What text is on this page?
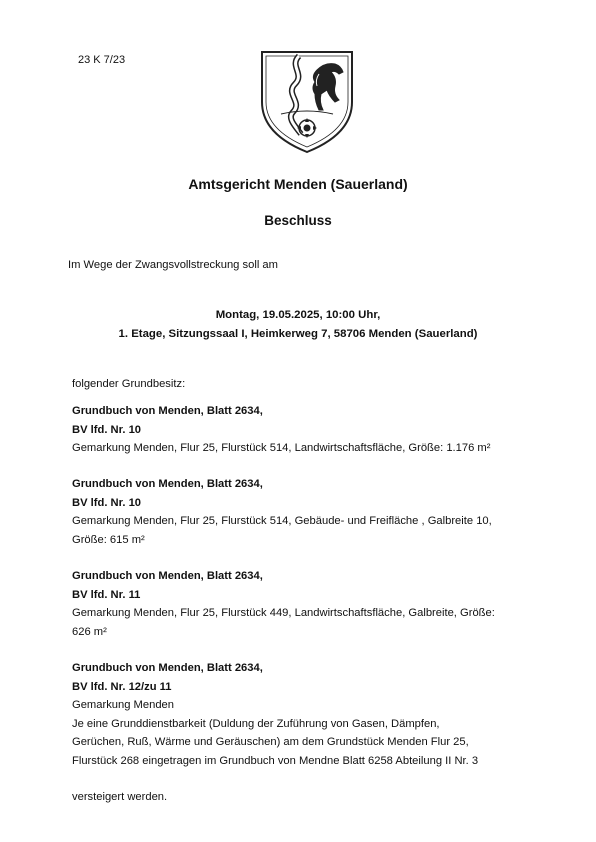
23 K 7/23
Amtsgericht Menden (Sauerland)
Beschluss
Im Wege der Zwangsvollstreckung soll am
Montag, 19.05.2025, 10:00 Uhr,
1. Etage, Sitzungssaal I, Heimkerweg 7, 58706 Menden (Sauerland)
folgender Grundbesitz:
Grundbuch von Menden, Blatt 2634,
BV lfd. Nr. 10
Gemarkung Menden, Flur 25, Flurstück 514, Landwirtschaftsfläche, Größe: 1.176 m²
Grundbuch von Menden, Blatt 2634,
BV lfd. Nr. 10
Gemarkung Menden, Flur 25, Flurstück 514, Gebäude- und Freifläche , Galbreite 10,
Größe: 615 m²
Grundbuch von Menden, Blatt 2634,
BV lfd. Nr. 11
Gemarkung Menden, Flur 25, Flurstück 449, Landwirtschaftsfläche, Galbreite, Größe:
626 m²
Grundbuch von Menden, Blatt 2634,
BV lfd. Nr. 12/zu 11
Gemarkung Menden
Je eine Grunddienstbarkeit (Duldung der Zuführung von Gasen, Dämpfen,
Gerüchen, Ruß, Wärme und Geräuschen) am dem Grundstück Menden Flur 25,
Flurstück 268 eingetragen im Grundbuch von Mendne Blatt 6258 Abteilung II Nr. 3
versteigert werden.
